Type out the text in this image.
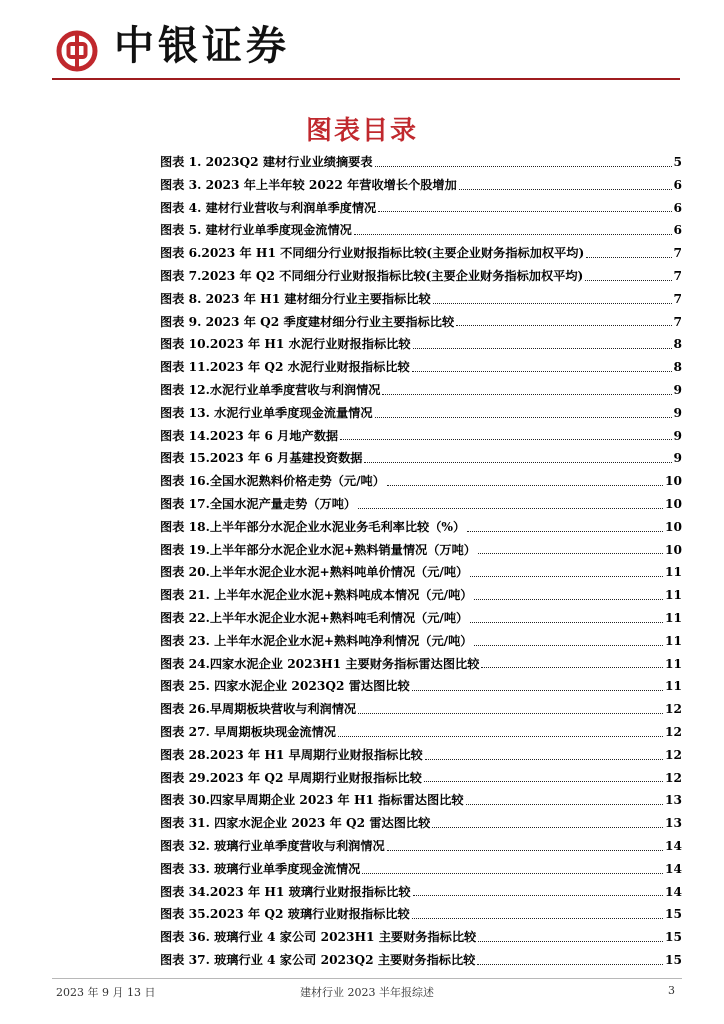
中银证券
图表目录
图表 1. 2023Q2 建材行业业绩摘要表	5
图表 3. 2023 年上半年较 2022 年营收增长个股增加	6
图表 4. 建材行业营收与利润单季度情况	6
图表 5. 建材行业单季度现金流情况	6
图表 6.2023 年 H1 不同细分行业财报指标比较(主要企业财务指标加权平均)	7
图表 7.2023 年 Q2 不同细分行业财报指标比较(主要企业财务指标加权平均)	7
图表 8. 2023 年 H1 建材细分行业主要指标比较	7
图表 9. 2023 年 Q2 季度建材细分行业主要指标比较	7
图表 10.2023 年 H1 水泥行业财报指标比较	8
图表 11.2023 年 Q2 水泥行业财报指标比较	8
图表 12.水泥行业单季度营收与利润情况	9
图表 13. 水泥行业单季度现金流量情况	9
图表 14.2023 年 6 月地产数据	9
图表 15.2023 年 6 月基建投资数据	9
图表 16.全国水泥熟料价格走势（元/吨）	10
图表 17.全国水泥产量走势（万吨）	10
图表 18.上半年部分水泥企业水泥业务毛利率比较（%）	10
图表 19.上半年部分水泥企业水泥+熟料销量情况（万吨）	10
图表 20.上半年水泥企业水泥+熟料吨单价情况（元/吨）	11
图表 21. 上半年水泥企业水泥+熟料吨成本情况（元/吨）	11
图表 22.上半年水泥企业水泥+熟料吨毛利情况（元/吨）	11
图表 23. 上半年水泥企业水泥+熟料吨净利情况（元/吨）	11
图表 24.四家水泥企业 2023H1 主要财务指标雷达图比较	11
图表 25. 四家水泥企业 2023Q2 雷达图比较	11
图表 26.早周期板块营收与利润情况	12
图表 27. 早周期板块现金流情况	12
图表 28.2023 年 H1 早周期行业财报指标比较	12
图表 29.2023 年 Q2 早周期行业财报指标比较	12
图表 30.四家早周期企业 2023 年 H1 指标雷达图比较	13
图表 31. 四家水泥企业 2023 年 Q2 雷达图比较	13
图表 32. 玻璃行业单季度营收与利润情况	14
图表 33. 玻璃行业单季度现金流情况	14
图表 34.2023 年 H1 玻璃行业财报指标比较	14
图表 35.2023 年 Q2 玻璃行业财报指标比较	15
图表 36. 玻璃行业 4 家公司 2023H1 主要财务指标比较	15
图表 37. 玻璃行业 4 家公司 2023Q2 主要财务指标比较	15
2023 年 9 月 13 日	建材行业 2023 半年报综述	3
